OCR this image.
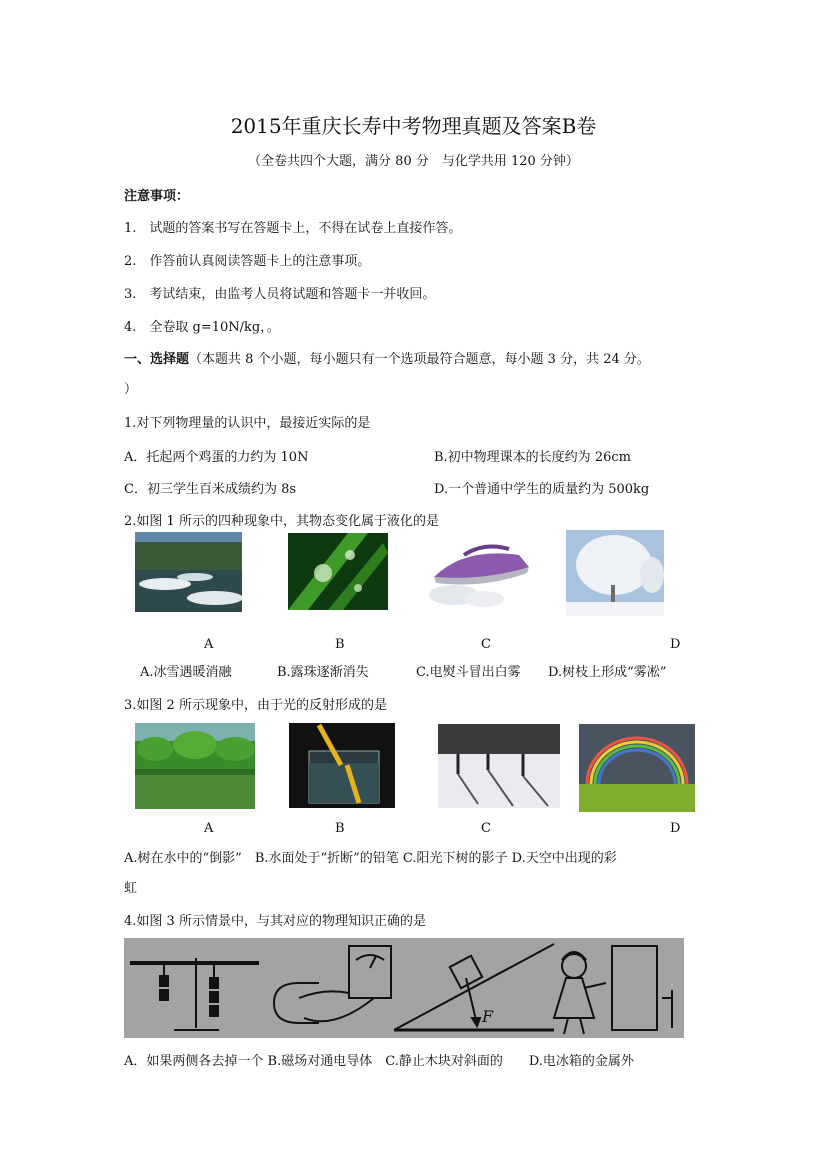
2015年重庆长寿中考物理真题及答案B卷
（全卷共四个大题，满分 80 分　与化学共用 120 分钟）
注意事项：
1.　试题的答案书写在答题卡上，不得在试卷上直接作答。
2.　作答前认真阅读答题卡上的注意事项。
3.　考试结束，由监考人员将试题和答题卡一并收回。
4.　全卷取 g=10N/kg，。
一、选择题（本题共 8 个小题，每小题只有一个选项最符合题意，每小题 3 分，共 24 分。
）
1.对下列物理量的认识中，最接近实际的是
A．托起两个鸡蛋的力约为 10N	B.初中物理课本的长度约为 26cm
C．初三学生百米成绩约为 8s	D.一个普通中学生的质量约为 500kg
2.如图 1 所示的四种现象中，其物态变化属于液化的是
A	B	C	D
A.冰雪遇暖消融	B.露珠逐渐消失	C.电熨斗冒出白雾 D.树枝上形成“雾凇”
3.如图 2 所示现象中，由于光的反射形成的是
A	B	C	D
A.树在水中的“倒影”　B.水面处于“折断”的铅笔 C.阳光下树的影子 D.天空中出现的彩
虹
4.如图 3 所示情景中，与其对应的物理知识正确的是
F
A．如果两侧各去掉一个 B.磁场对通电导体　C.静止木块对斜面的　　D.电冰箱的金属外
